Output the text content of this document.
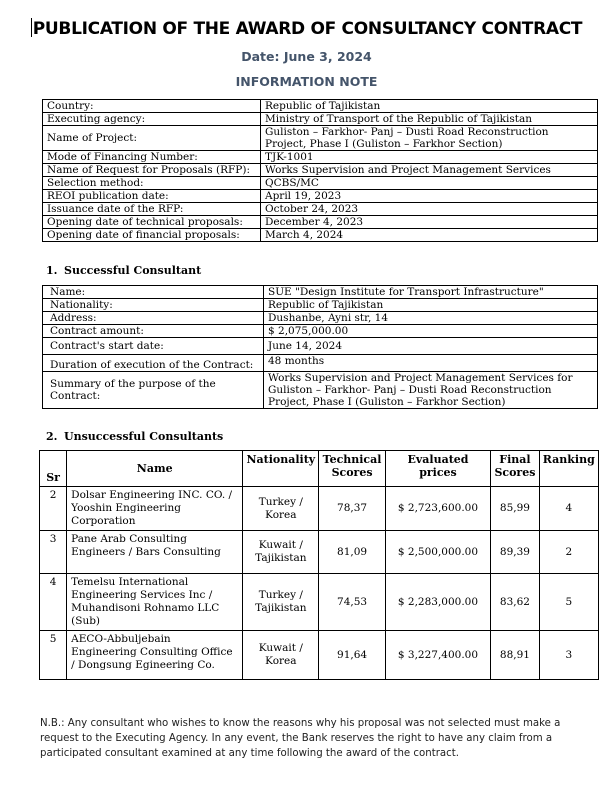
PUBLICATION OF THE AWARD OF CONSULTANCY CONTRACT

Date: June 3, 2024

INFORMATION NOTE

Country:	Republic of Tajikistan
Executing agency:	Ministry of Transport of the Republic of Tajikistan
Name of Project:	Guliston – Farkhor- Panj – Dusti Road Reconstruction Project, Phase I (Guliston – Farkhor Section)
Mode of Financing Number:	TJK-1001
Name of Request for Proposals (RFP):	Works Supervision and Project Management Services
Selection method:	QCBS/MC
REOI publication date:	April 19, 2023
Issuance date of the RFP:	October 24, 2023
Opening date of technical proposals:	December 4, 2023
Opening date of financial proposals:	March 4, 2024

1. Successful Consultant

Name:	SUE "Design Institute for Transport Infrastructure"
Nationality:	Republic of Tajikistan
Address:	Dushanbe, Ayni str, 14
Contract amount:	$ 2,075,000.00
Contract's start date:	June 14, 2024
Duration of execution of the Contract:	48 months
Summary of the purpose of the Contract:	Works Supervision and Project Management Services for Guliston – Farkhor- Panj – Dusti Road Reconstruction Project, Phase I (Guliston – Farkhor Section)

2. Unsuccessful Consultants

Sr	Name	Nationality	Technical Scores	Evaluated prices	Final Scores	Ranking
2	Dolsar Engineering INC. CO. / Yooshin Engineering Corporation	Turkey / Korea	78,37	$ 2,723,600.00	85,99	4
3	Pane Arab Consulting Engineers / Bars Consulting	Kuwait / Tajikistan	81,09	$ 2,500,000.00	89,39	2
4	Temelsu International Engineering Services Inc / Muhandisoni Rohnamo LLC (Sub)	Turkey / Tajikistan	74,53	$ 2,283,000.00	83,62	5
5	AECO-Abbuljebain Engineering Consulting Office / Dongsung Egineering Co.	Kuwait / Korea	91,64	$ 3,227,400.00	88,91	3

N.B.: Any consultant who wishes to know the reasons why his proposal was not selected must make a request to the Executing Agency. In any event, the Bank reserves the right to have any claim from a participated consultant examined at any time following the award of the contract.
